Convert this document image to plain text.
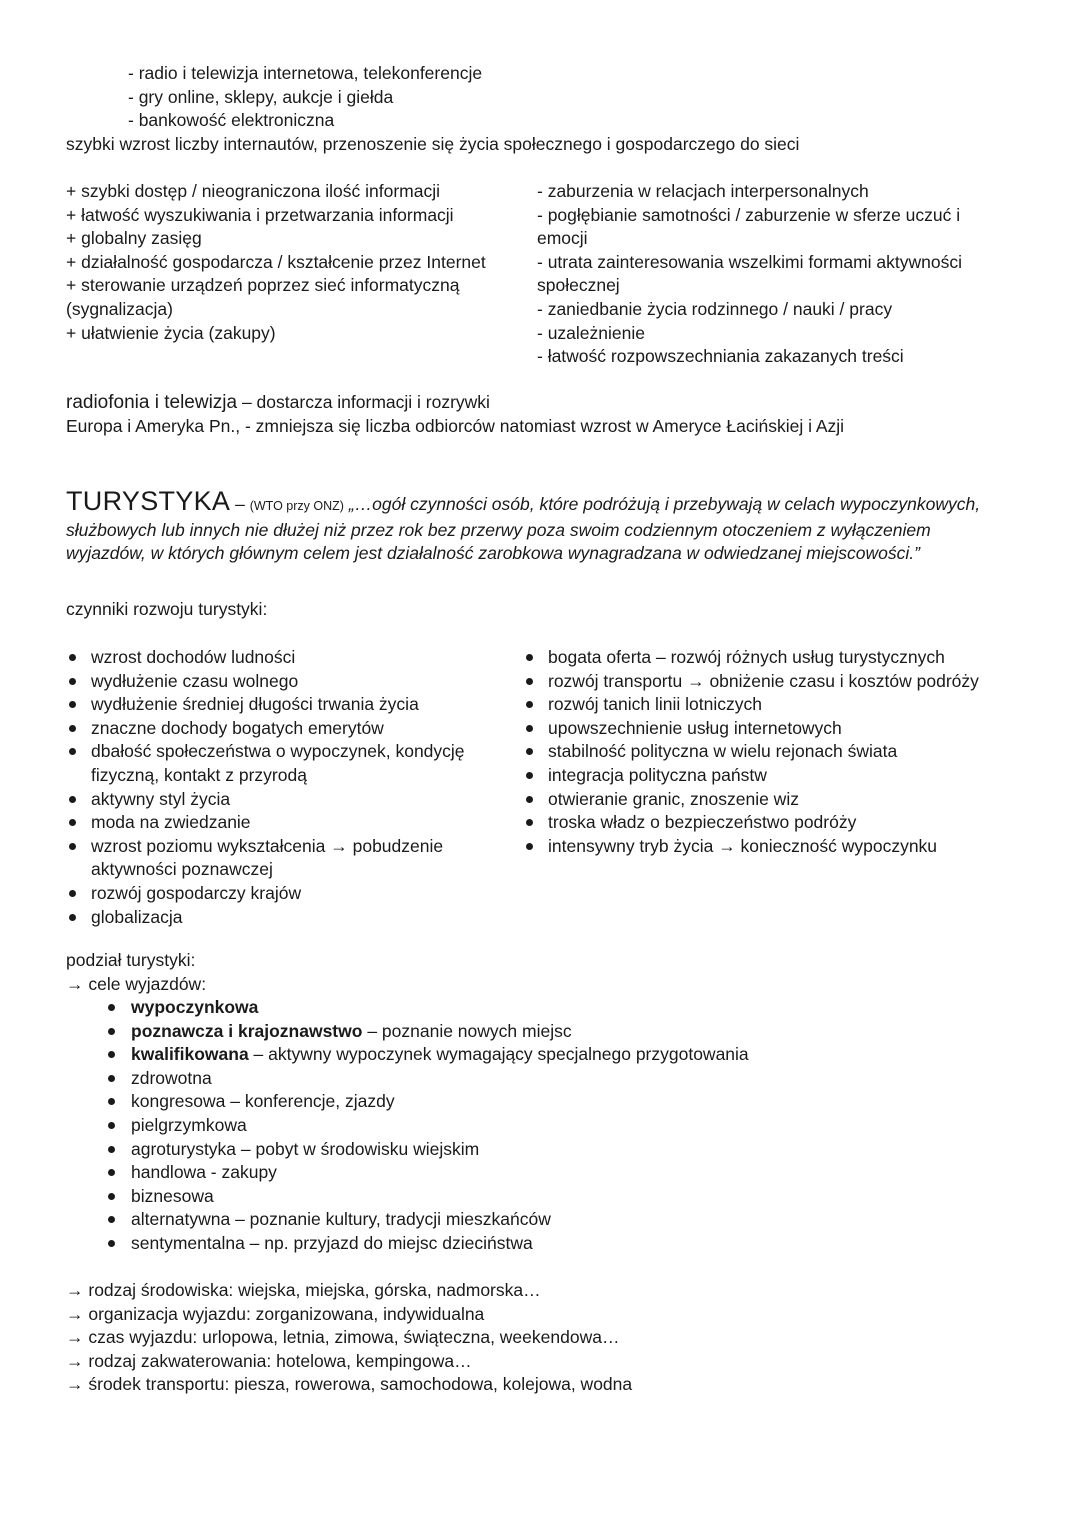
- radio i telewizja internetowa, telekonferencje
- gry online, sklepy, aukcje i giełda
- bankowość elektroniczna
szybki wzrost liczby internautów, przenoszenie się życia społecznego i gospodarczego do sieci
+ szybki dostęp / nieograniczona ilość informacji
+ łatwość wyszukiwania i przetwarzania informacji
+ globalny zasięg
+ działalność gospodarcza / kształcenie przez Internet
+ sterowanie urządzeń poprzez sieć informatyczną (sygnalizacja)
+ ułatwienie życia (zakupy)
- zaburzenia w relacjach interpersonalnych
- pogłębianie samotności / zaburzenie w sferze uczuć i emocji
- utrata zainteresowania wszelkimi formami aktywności społecznej
- zaniedbanie życia rodzinnego / nauki / pracy
- uzależnienie
- łatwość rozpowszechniania zakazanych treści
radiofonia i telewizja – dostarcza informacji i rozrywki
Europa i Ameryka Pn., - zmniejsza się liczba odbiorców natomiast wzrost w Ameryce Łacińskiej i Azji
TURYSTYKA – (WTO przy ONZ) „…ogół czynności osób, które podróżują i przebywają w celach wypoczynkowych,
służbowych lub innych nie dłużej niż przez rok bez przerwy poza swoim codziennym otoczeniem z wyłączeniem
wyjazdów, w których głównym celem jest działalność zarobkowa wynagradzana w odwiedzanej miejscowości.”
czynniki rozwoju turystyki:
wzrost dochodów ludności
wydłużenie czasu wolnego
wydłużenie średniej długości trwania życia
znaczne dochody bogatych emerytów
dbałość społeczeństwa o wypoczynek, kondycję fizyczną, kontakt z przyrodą
aktywny styl życia
moda na zwiedzanie
wzrost poziomu wykształcenia → pobudzenie aktywności poznawczej
rozwój gospodarczy krajów
globalizacja
bogata oferta – rozwój różnych usług turystycznych
rozwój transportu → obniżenie czasu i kosztów podróży
rozwój tanich linii lotniczych
upowszechnienie usług internetowych
stabilność polityczna w wielu rejonach świata
integracja polityczna państw
otwieranie granic, znoszenie wiz
troska władz o bezpieczeństwo podróży
intensywny tryb życia → konieczność wypoczynku
podział turystyki:
→ cele wyjazdów:
wypoczynkowa
poznawcza i krajoznawstwo – poznanie nowych miejsc
kwalifikowana – aktywny wypoczynek wymagający specjalnego przygotowania
zdrowotna
kongresowa – konferencje, zjazdy
pielgrzymkowa
agroturystyka – pobyt w środowisku wiejskim
handlowa - zakupy
biznesowa
alternatywna – poznanie kultury, tradycji mieszkańców
sentymentalna – np. przyjazd do miejsc dzieciństwa
→ rodzaj środowiska: wiejska, miejska, górska, nadmorska…
→ organizacja wyjazdu: zorganizowana, indywidualna
→ czas wyjazdu: urlopowa, letnia, zimowa, świąteczna, weekendowa…
→ rodzaj zakwaterowania: hotelowa, kempingowa…
→ środek transportu: piesza, rowerowa, samochodowa, kolejowa, wodna
